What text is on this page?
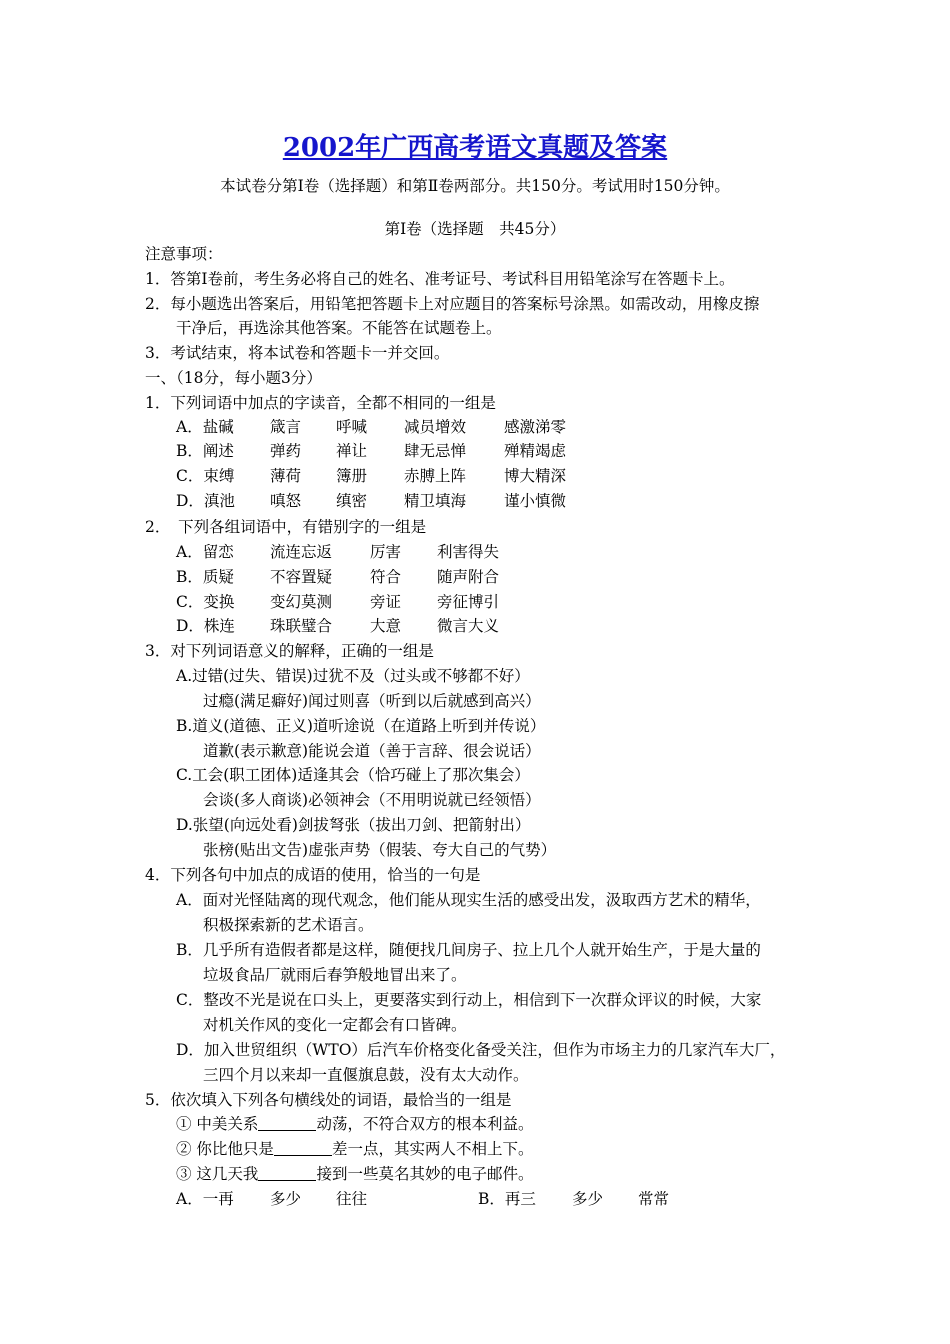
2002年广西高考语文真题及答案
本试卷分第Ⅰ卷（选择题）和第Ⅱ卷两部分。共150分。考试用时150分钟。
第Ⅰ卷（选择题　共45分）
注意事项：
1．答第Ⅰ卷前，考生务必将自己的姓名、准考证号、考试科目用铅笔涂写在答题卡上。
2．每小题选出答案后，用铅笔把答题卡上对应题目的答案标号涂黑。如需改动，用橡皮擦
干净后，再选涂其他答案。不能答在试题卷上。
3．考试结束，将本试卷和答题卡一并交回。
一、（18分，每小题3分）
1．下列词语中加点的字读音，全都不相同的一组是
A．盐碱 箴言 呼喊 减员增效 感激涕零
B．阐述 弹药 禅让 肆无忌惮 殚精竭虑
C．束缚 薄荷 簿册 赤膊上阵 博大精深
D．滇池 嗔怒 缜密 精卫填海 谨小慎微
2．　下列各组词语中，有错别字的一组是
A．留恋 流连忘返 厉害 利害得失
B．质疑 不容置疑 符合 随声附合
C．变换 变幻莫测 旁证 旁征博引
D．株连 珠联璧合 大意 微言大义
3．对下列词语意义的解释，正确的一组是
A.过错(过失、错误)过犹不及（过头或不够都不好）
过瘾(满足癖好)闻过则喜（听到以后就感到高兴）
B.道义(道德、正义)道听途说（在道路上听到并传说）
道歉(表示歉意)能说会道（善于言辞、很会说话）
C.工会(职工团体)适逢其会（恰巧碰上了那次集会）
会谈(多人商谈)必领神会（不用明说就已经领悟）
D.张望(向远处看)剑拔弩张（拔出刀剑、把箭射出）
张榜(贴出文告)虚张声势（假装、夸大自己的气势）
4．下列各句中加点的成语的使用，恰当的一句是
A．面对光怪陆离的现代观念，他们能从现实生活的感受出发，汲取西方艺术的精华，
积极探索新的艺术语言。
B．几乎所有造假者都是这样，随便找几间房子、拉上几个人就开始生产，于是大量的
垃圾食品厂就雨后春笋般地冒出来了。
C．整改不光是说在口头上，更要落实到行动上，相信到下一次群众评议的时候，大家
对机关作风的变化一定都会有口皆碑。
D．加入世贸组织（WTO）后汽车价格变化备受关注，但作为市场主力的几家汽车大厂，
三四个月以来却一直偃旗息鼓，没有太大动作。
5．依次填入下列各句横线处的词语，最恰当的一组是
① 中美关系	动荡，不符合双方的根本利益。
② 你比他只是	差一点，其实两人不相上下。
③ 这几天我	接到一些莫名其妙的电子邮件。
A．一再 多少 往往	B．再三 多少 常常
